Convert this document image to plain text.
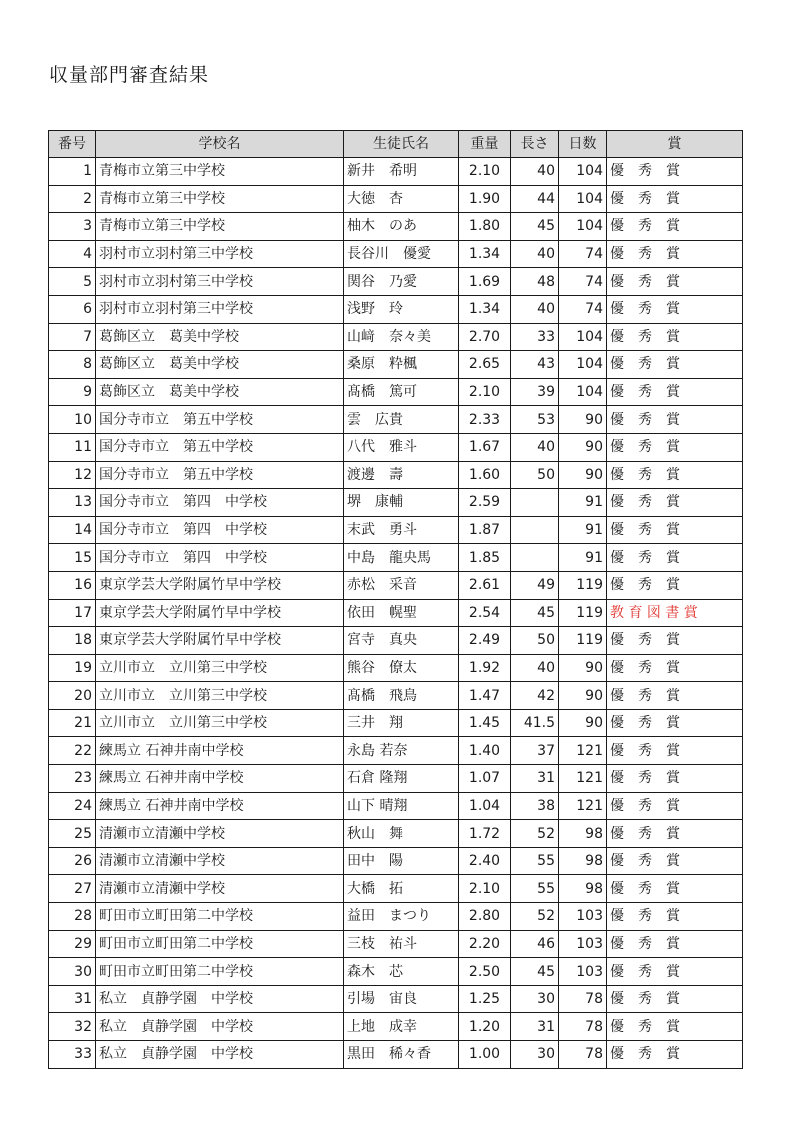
収量部門審査結果
番号	学校名	生徒氏名	重量	長さ	日数	賞
1	青梅市立第三中学校	新井　希明	2.10	40	104	優　秀　賞
2	青梅市立第三中学校	大徳　杏	1.90	44	104	優　秀　賞
3	青梅市立第三中学校	柚木　のあ	1.80	45	104	優　秀　賞
4	羽村市立羽村第三中学校	長谷川　優愛	1.34	40	74	優　秀　賞
5	羽村市立羽村第三中学校	関谷　乃愛	1.69	48	74	優　秀　賞
6	羽村市立羽村第三中学校	浅野　玲	1.34	40	74	優　秀　賞
7	葛飾区立　葛美中学校	山﨑　奈々美	2.70	33	104	優　秀　賞
8	葛飾区立　葛美中学校	桑原　粋楓	2.65	43	104	優　秀　賞
9	葛飾区立　葛美中学校	髙橋　篤可	2.10	39	104	優　秀　賞
10	国分寺市立　第五中学校	雲　広貴	2.33	53	90	優　秀　賞
11	国分寺市立　第五中学校	八代　雅斗	1.67	40	90	優　秀　賞
12	国分寺市立　第五中学校	渡邊　壽	1.60	50	90	優　秀　賞
13	国分寺市立　第四　中学校	堺　康輔	2.59		91	優　秀　賞
14	国分寺市立　第四　中学校	末武　勇斗	1.87		91	優　秀　賞
15	国分寺市立　第四　中学校	中島　龍央馬	1.85		91	優　秀　賞
16	東京学芸大学附属竹早中学校	赤松　采音	2.61	49	119	優　秀　賞
17	東京学芸大学附属竹早中学校	依田　幌聖	2.54	45	119	教 育 図 書 賞
18	東京学芸大学附属竹早中学校	宮寺　真央	2.49	50	119	優　秀　賞
19	立川市立　立川第三中学校	熊谷　僚太	1.92	40	90	優　秀　賞
20	立川市立　立川第三中学校	髙橋　飛鳥	1.47	42	90	優　秀　賞
21	立川市立　立川第三中学校	三井　翔	1.45	41.5	90	優　秀　賞
22	練馬立 石神井南中学校	永島 若奈	1.40	37	121	優　秀　賞
23	練馬立 石神井南中学校	石倉 隆翔	1.07	31	121	優　秀　賞
24	練馬立 石神井南中学校	山下 晴翔	1.04	38	121	優　秀　賞
25	清瀬市立清瀬中学校	秋山　舞	1.72	52	98	優　秀　賞
26	清瀬市立清瀬中学校	田中　陽	2.40	55	98	優　秀　賞
27	清瀬市立清瀬中学校	大橋　拓	2.10	55	98	優　秀　賞
28	町田市立町田第二中学校	益田　まつり	2.80	52	103	優　秀　賞
29	町田市立町田第二中学校	三枝　祐斗	2.20	46	103	優　秀　賞
30	町田市立町田第二中学校	森木　芯	2.50	45	103	優　秀　賞
31	私立　貞静学園　中学校	引場　宙良	1.25	30	78	優　秀　賞
32	私立　貞静学園　中学校	上地　成幸	1.20	31	78	優　秀　賞
33	私立　貞静学園　中学校	黒田　稀々香	1.00	30	78	優　秀　賞
